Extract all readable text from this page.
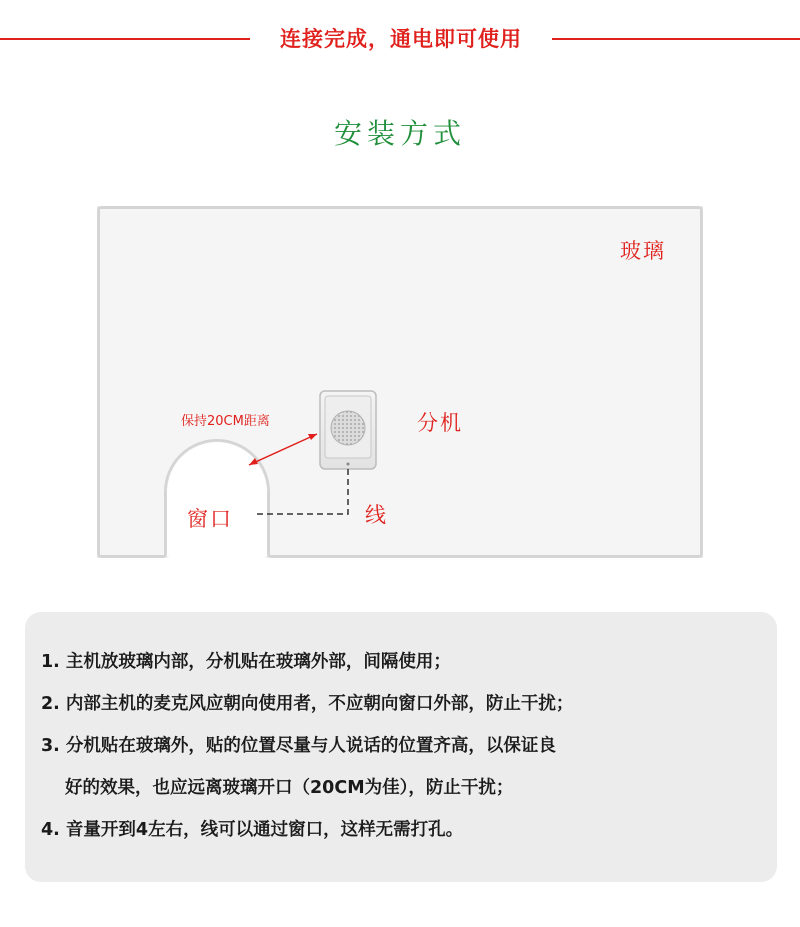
连接完成，通电即可使用
安装方式
玻璃
分机
窗口	线
保持20CM距离
1. 主机放玻璃内部，分机贴在玻璃外部，间隔使用；
2. 内部主机的麦克风应朝向使用者，不应朝向窗口外部，防止干扰；
3. 分机贴在玻璃外，贴的位置尽量与人说话的位置齐高，以保证良
好的效果，也应远离玻璃开口（20CM为佳），防止干扰；
4. 音量开到4左右，线可以通过窗口，这样无需打孔。
